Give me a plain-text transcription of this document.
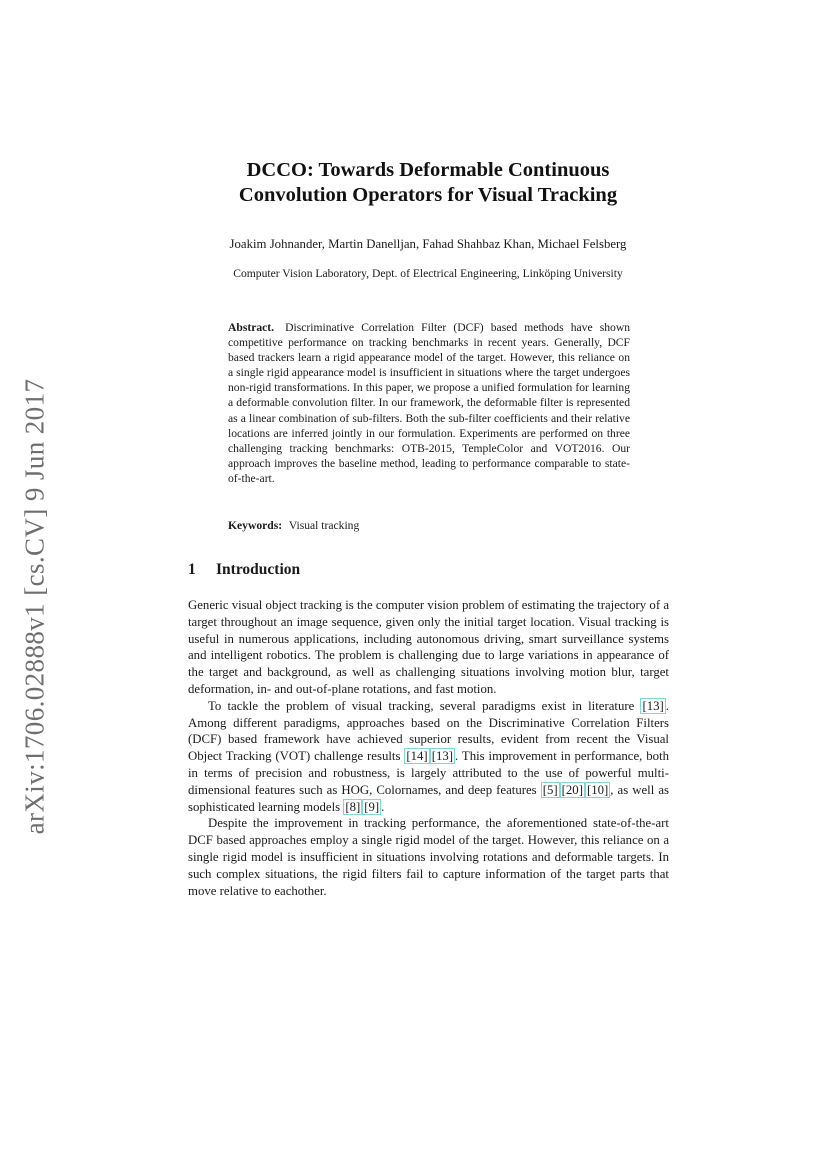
arXiv:1706.02888v1 [cs.CV] 9 Jun 2017
DCCO: Towards Deformable Continuous
Convolution Operators for Visual Tracking
Joakim Johnander, Martin Danelljan, Fahad Shahbaz Khan, Michael Felsberg
Computer Vision Laboratory, Dept. of Electrical Engineering, Linköping University
Abstract. Discriminative Correlation Filter (DCF) based methods have shown competitive performance on tracking benchmarks in recent years. Generally, DCF based trackers learn a rigid appearance model of the target. However, this reliance on a single rigid appearance model is insufficient in situations where the target undergoes non-rigid transformations. In this paper, we propose a unified formulation for learning a deformable convolution filter. In our framework, the deformable filter is represented as a linear combination of sub-filters. Both the sub-filter coefficients and their relative locations are inferred jointly in our formulation. Experiments are performed on three challenging tracking benchmarks: OTB-2015, TempleColor and VOT2016. Our approach improves the baseline method, leading to performance comparable to state-of-the-art.
Keywords: Visual tracking
1 Introduction

Generic visual object tracking is the computer vision problem of estimating the trajectory of a target throughout an image sequence, given only the initial target location. Visual tracking is useful in numerous applications, including autonomous driving, smart surveillance systems and intelligent robotics. The problem is challenging due to large variations in appearance of the target and background, as well as challenging situations involving motion blur, target deformation, in- and out-of-plane rotations, and fast motion.

To tackle the problem of visual tracking, several paradigms exist in literature [13] . Among different paradigms, approaches based on the Discriminative Correlation Filters (DCF) based framework have achieved superior results, evident from recent the Visual Object Tracking (VOT) challenge results [14] [13] . This improvement in performance, both in terms of precision and robustness, is largely attributed to the use of powerful multi-dimensional features such as HOG, Colornames, and deep features [5] [20] [10] , as well as sophisticated learning models [8] [9] .

Despite the improvement in tracking performance, the aforementioned state-of-the-art DCF based approaches employ a single rigid model of the target. However, this reliance on a single rigid model is insufficient in situations involving rotations and deformable targets. In such complex situations, the rigid filters fail to capture information of the target parts that move relative to eachother.
